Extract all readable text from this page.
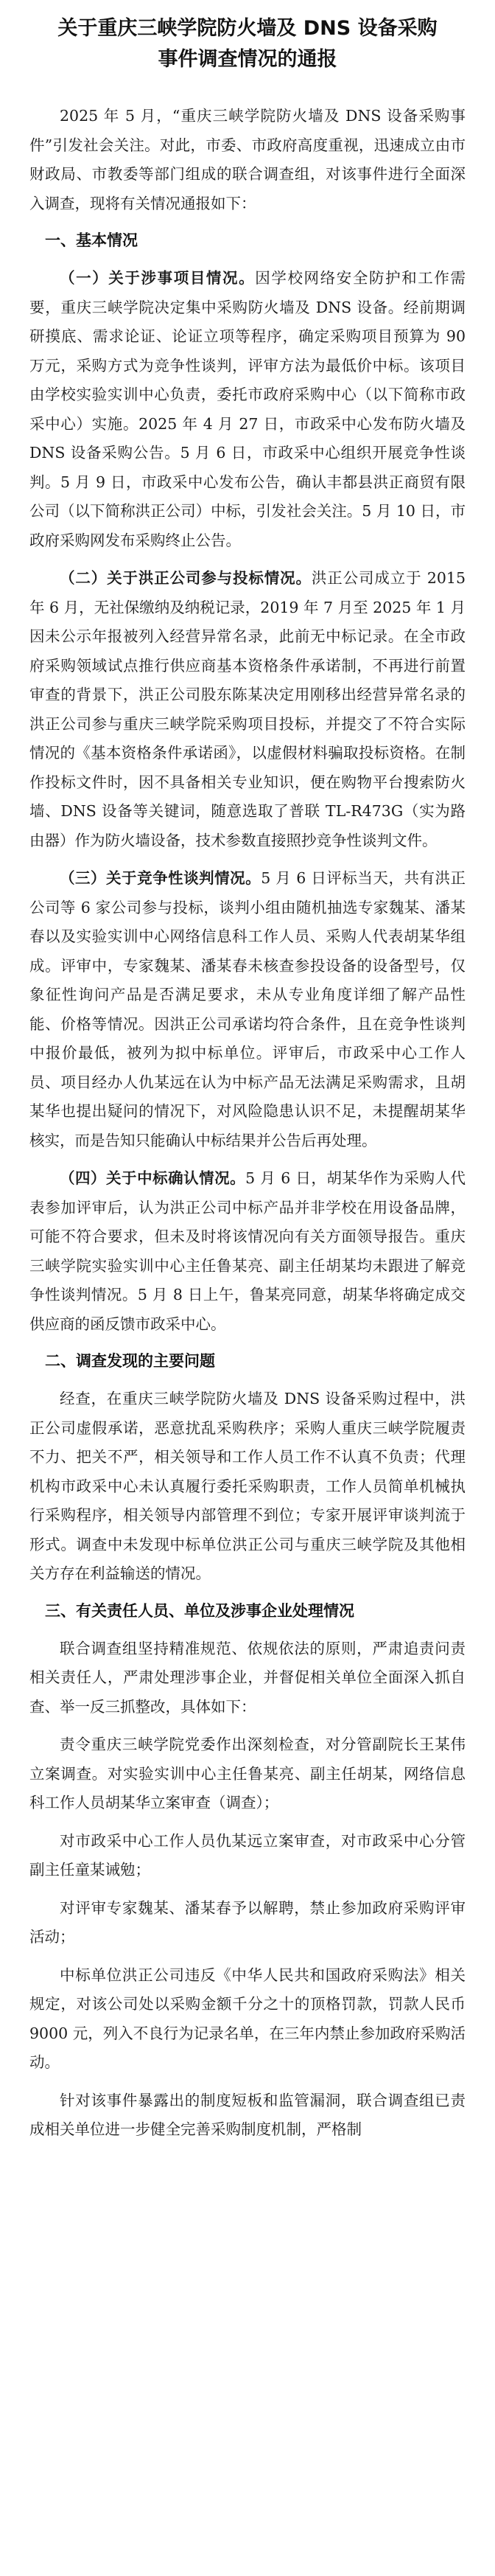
关于重庆三峡学院防火墙及 DNS 设备采购
事件调查情况的通报

2025 年 5 月，“重庆三峡学院防火墙及 DNS 设备采购事件”引发社会关注。对此，市委、市政府高度重视，迅速成立由市财政局、市教委等部门组成的联合调查组，对该事件进行全面深入调查，现将有关情况通报如下：

一、基本情况

（一）关于涉事项目情况。因学校网络安全防护和工作需要，重庆三峡学院决定集中采购防火墙及 DNS 设备。经前期调研摸底、需求论证、论证立项等程序，确定采购项目预算为 90 万元，采购方式为竞争性谈判，评审方法为最低价中标。该项目由学校实验实训中心负责，委托市政府采购中心（以下简称市政采中心）实施。2025 年 4 月 27 日，市政采中心发布防火墙及 DNS 设备采购公告。5 月 6 日，市政采中心组织开展竞争性谈判。5 月 9 日，市政采中心发布公告，确认丰都县洪正商贸有限公司（以下简称洪正公司）中标，引发社会关注。5 月 10 日，市政府采购网发布采购终止公告。

（二）关于洪正公司参与投标情况。洪正公司成立于 2015 年 6 月，无社保缴纳及纳税记录，2019 年 7 月至 2025 年 1 月因未公示年报被列入经营异常名录，此前无中标记录。在全市政府采购领域试点推行供应商基本资格条件承诺制，不再进行前置审查的背景下，洪正公司股东陈某决定用刚移出经营异常名录的洪正公司参与重庆三峡学院采购项目投标，并提交了不符合实际情况的《基本资格条件承诺函》，以虚假材料骗取投标资格。在制作投标文件时，因不具备相关专业知识，便在购物平台搜索防火墙、DNS 设备等关键词，随意选取了普联 TL-R473G（实为路由器）作为防火墙设备，技术参数直接照抄竞争性谈判文件。

（三）关于竞争性谈判情况。5 月 6 日评标当天，共有洪正公司等 6 家公司参与投标，谈判小组由随机抽选专家魏某、潘某春以及实验实训中心网络信息科工作人员、采购人代表胡某华组成。评审中，专家魏某、潘某春未核查参投设备的设备型号，仅象征性询问产品是否满足要求，未从专业角度详细了解产品性能、价格等情况。因洪正公司承诺均符合条件，且在竞争性谈判中报价最低，被列为拟中标单位。评审后，市政采中心工作人员、项目经办人仇某远在认为中标产品无法满足采购需求，且胡某华也提出疑问的情况下，对风险隐患认识不足，未提醒胡某华核实，而是告知只能确认中标结果并公告后再处理。

（四）关于中标确认情况。5 月 6 日，胡某华作为采购人代表参加评审后，认为洪正公司中标产品并非学校在用设备品牌，可能不符合要求，但未及时将该情况向有关方面领导报告。重庆三峡学院实验实训中心主任鲁某亮、副主任胡某均未跟进了解竞争性谈判情况。5 月 8 日上午，鲁某亮同意，胡某华将确定成交供应商的函反馈市政采中心。

二、调查发现的主要问题

经查，在重庆三峡学院防火墙及 DNS 设备采购过程中，洪正公司虚假承诺，恶意扰乱采购秩序；采购人重庆三峡学院履责不力、把关不严，相关领导和工作人员工作不认真不负责；代理机构市政采中心未认真履行委托采购职责，工作人员简单机械执行采购程序，相关领导内部管理不到位；专家开展评审谈判流于形式。调查中未发现中标单位洪正公司与重庆三峡学院及其他相关方存在利益输送的情况。

三、有关责任人员、单位及涉事企业处理情况

联合调查组坚持精准规范、依规依法的原则，严肃追责问责相关责任人，严肃处理涉事企业，并督促相关单位全面深入抓自查、举一反三抓整改，具体如下：

责令重庆三峡学院党委作出深刻检查，对分管副院长王某伟立案调查。对实验实训中心主任鲁某亮、副主任胡某，网络信息科工作人员胡某华立案审查（调查）；

对市政采中心工作人员仇某远立案审查，对市政采中心分管副主任童某诫勉；

对评审专家魏某、潘某春予以解聘，禁止参加政府采购评审活动；

中标单位洪正公司违反《中华人民共和国政府采购法》相关规定，对该公司处以采购金额千分之十的顶格罚款，罚款人民币 9000 元，列入不良行为记录名单，在三年内禁止参加政府采购活动。

针对该事件暴露出的制度短板和监管漏洞，联合调查组已责成相关单位进一步健全完善采购制度机制，严格制
